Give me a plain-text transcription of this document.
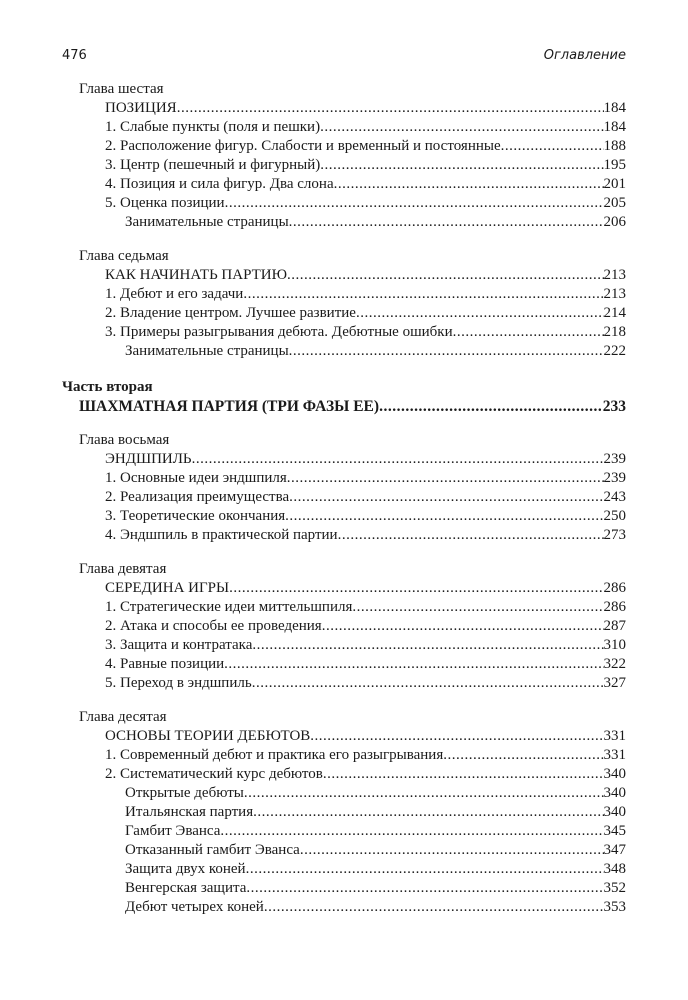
476	Оглавление
Глава шестая
ПОЗИЦИЯ .....	184
1. Слабые пункты (поля и пешки) .....	184
2. Расположение фигур. Слабости и временный и постоянные .....	188
3. Центр (пешечный и фигурный) .....	195
4. Позиция и сила фигур. Два слона .....	201
5. Оценка позиции .....	205
Занимательные страницы .....	206
Глава седьмая
КАК НАЧИНАТЬ ПАРТИЮ .....	213
1. Дебют и его задачи .....	213
2. Владение центром. Лучшее развитие .....	214
3. Примеры разыгрывания дебюта. Дебютные ошибки .....	218
Занимательные страницы .....	222
Часть вторая
ШАХМАТНАЯ ПАРТИЯ (ТРИ ФАЗЫ ЕЕ) .....	233
Глава восьмая
ЭНДШПИЛЬ .....	239
1. Основные идеи эндшпиля .....	239
2. Реализация преимущества .....	243
3. Теоретические окончания .....	250
4. Эндшпиль в практической партии .....	273
Глава девятая
СЕРЕДИНА ИГРЫ .....	286
1. Стратегические идеи миттельшпиля .....	286
2. Атака и способы ее проведения .....	287
3. Защита и контратака .....	310
4. Равные позиции .....	322
5. Переход в эндшпиль .....	327
Глава десятая
ОСНОВЫ ТЕОРИИ ДЕБЮТОВ .....	331
1. Современный дебют и практика его разыгрывания .....	331
2. Систематический курс дебютов .....	340
Открытые дебюты .....	340
Итальянская партия .....	340
Гамбит Эванса .....	345
Отказанный гамбит Эванса .....	347
Защита двух коней .....	348
Венгерская защита .....	352
Дебют четырех коней .....	353
